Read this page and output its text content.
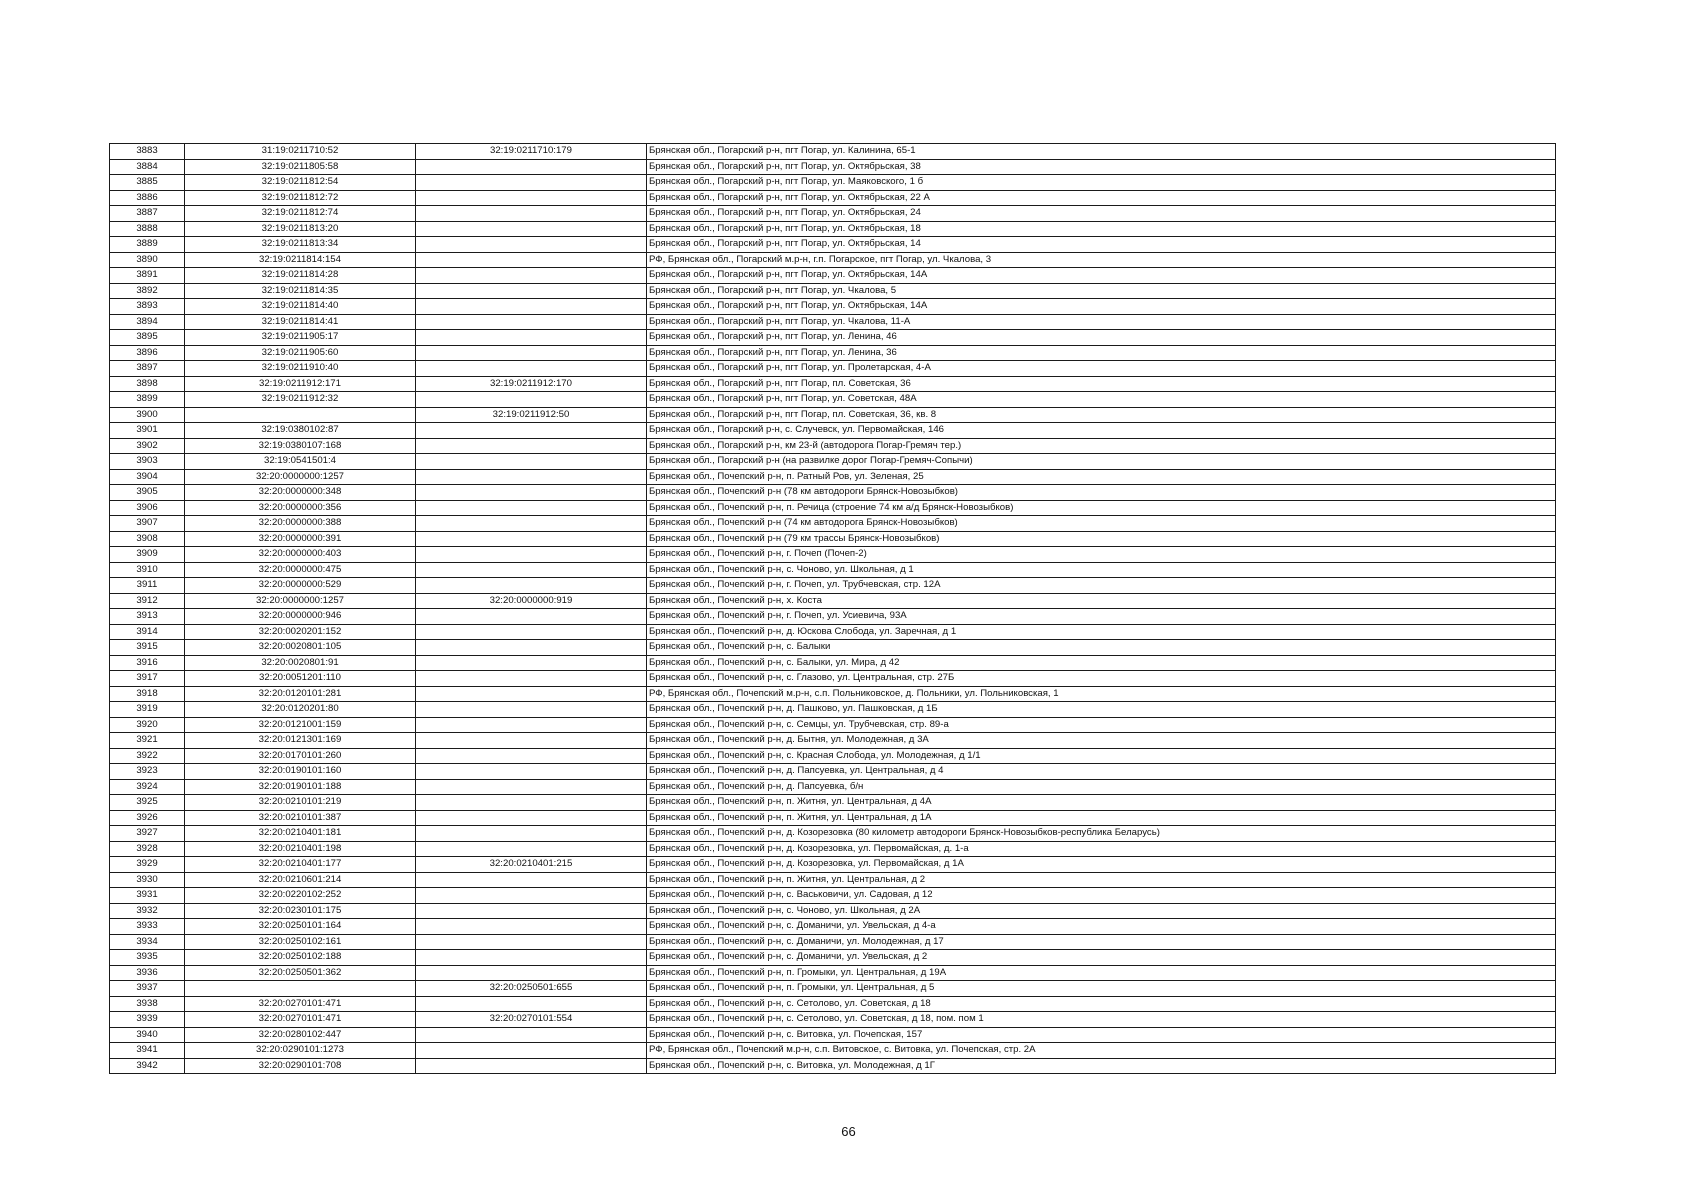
3883	31:19:0211710:52	32:19:0211710:179	Брянская обл., Погарский р-н, пгт Погар, ул. Калинина, 65-1
3884	32:19:0211805:58		Брянская обл., Погарский р-н, пгт Погар, ул. Октябрьская, 38
3885	32:19:0211812:54		Брянская обл., Погарский р-н, пгт Погар, ул. Маяковского, 1 б
3886	32:19:0211812:72		Брянская обл., Погарский р-н, пгт Погар, ул. Октябрьская, 22 А
3887	32:19:0211812:74		Брянская обл., Погарский р-н, пгт Погар, ул. Октябрьская, 24
3888	32:19:0211813:20		Брянская обл., Погарский р-н, пгт Погар, ул. Октябрьская, 18
3889	32:19:0211813:34		Брянская обл., Погарский р-н, пгт Погар, ул. Октябрьская, 14
3890	32:19:0211814:154		РФ, Брянская обл., Погарский м.р-н, г.п. Погарское, пгт Погар, ул. Чкалова, 3
3891	32:19:0211814:28		Брянская обл., Погарский р-н, пгт Погар, ул. Октябрьская, 14А
3892	32:19:0211814:35		Брянская обл., Погарский р-н, пгт Погар, ул. Чкалова, 5
3893	32:19:0211814:40		Брянская обл., Погарский р-н, пгт Погар, ул. Октябрьская, 14А
3894	32:19:0211814:41		Брянская обл., Погарский р-н, пгт Погар, ул. Чкалова, 11-А
3895	32:19:0211905:17		Брянская обл., Погарский р-н, пгт Погар, ул. Ленина, 46
3896	32:19:0211905:60		Брянская обл., Погарский р-н, пгт Погар, ул. Ленина, 36
3897	32:19:0211910:40		Брянская обл., Погарский р-н, пгт Погар, ул. Пролетарская, 4-А
3898	32:19:0211912:171	32:19:0211912:170	Брянская обл., Погарский р-н, пгт Погар, пл. Советская, 36
3899	32:19:0211912:32		Брянская обл., Погарский р-н, пгт Погар, ул. Советская, 48А
3900		32:19:0211912:50	Брянская обл., Погарский р-н, пгт Погар, пл. Советская, 36, кв. 8
3901	32:19:0380102:87		Брянская обл., Погарский р-н, с. Случевск, ул. Первомайская, 146
3902	32:19:0380107:168		Брянская обл., Погарский р-н, км 23-й (автодорога Погар-Гремяч тер.)
3903	32:19:0541501:4		Брянская обл., Погарский р-н (на развилке дорог Погар-Гремяч-Сопычи)
3904	32:20:0000000:1257		Брянская обл., Почепский р-н, п. Ратный Ров, ул. Зеленая, 25
3905	32:20:0000000:348		Брянская обл., Почепский р-н (78 км автодороги Брянск-Новозыбков)
3906	32:20:0000000:356		Брянская обл., Почепский р-н, п. Речица (строение 74 км а/д Брянск-Новозыбков)
3907	32:20:0000000:388		Брянская обл., Почепский р-н (74 км автодорога Брянск-Новозыбков)
3908	32:20:0000000:391		Брянская обл., Почепский р-н (79 км трассы Брянск-Новозыбков)
3909	32:20:0000000:403		Брянская обл., Почепский р-н, г. Почеп (Почеп-2)
3910	32:20:0000000:475		Брянская обл., Почепский р-н, с. Чоново, ул. Школьная, д 1
3911	32:20:0000000:529		Брянская обл., Почепский р-н, г. Почеп, ул. Трубчевская, стр. 12А
3912	32:20:0000000:1257	32:20:0000000:919	Брянская обл., Почепский р-н, х. Коста
3913	32:20:0000000:946		Брянская обл., Почепский р-н, г. Почеп, ул. Усиевича, 93А
3914	32:20:0020201:152		Брянская обл., Почепский р-н, д. Юскова Слобода, ул. Заречная, д 1
3915	32:20:0020801:105		Брянская обл., Почепский р-н, с. Балыки
3916	32:20:0020801:91		Брянская обл., Почепский р-н, с. Балыки, ул. Мира, д 42
3917	32:20:0051201:110		Брянская обл., Почепский р-н, с. Глазово, ул. Центральная, стр. 27Б
3918	32:20:0120101:281		РФ, Брянская обл., Почепский м.р-н, с.п. Польниковское, д. Польники, ул. Польниковская, 1
3919	32:20:0120201:80		Брянская обл., Почепский р-н, д. Пашково, ул. Пашковская, д 1Б
3920	32:20:0121001:159		Брянская обл., Почепский р-н, с. Семцы, ул. Трубчевская, стр. 89-а
3921	32:20:0121301:169		Брянская обл., Почепский р-н, д. Бытня, ул. Молодежная, д 3А
3922	32:20:0170101:260		Брянская обл., Почепский р-н, с. Красная Слобода, ул. Молодежная, д 1/1
3923	32:20:0190101:160		Брянская обл., Почепский р-н, д. Папсуевка, ул. Центральная, д 4
3924	32:20:0190101:188		Брянская обл., Почепский р-н, д. Папсуевка, б/н
3925	32:20:0210101:219		Брянская обл., Почепский р-н, п. Житня, ул. Центральная, д 4А
3926	32:20:0210101:387		Брянская обл., Почепский р-н, п. Житня, ул. Центральная, д 1А
3927	32:20:0210401:181		Брянская обл., Почепский р-н, д. Козорезовка (80 километр автодороги Брянск-Новозыбков-республика Беларусь)
3928	32:20:0210401:198		Брянская обл., Почепский р-н, д. Козорезовка, ул. Первомайская, д. 1-а
3929	32:20:0210401:177	32:20:0210401:215	Брянская обл., Почепский р-н, д. Козорезовка, ул. Первомайская, д 1А
3930	32:20:0210601:214		Брянская обл., Почепский р-н, п. Житня, ул. Центральная, д 2
3931	32:20:0220102:252		Брянская обл., Почепский р-н, с. Васьковичи, ул. Садовая, д 12
3932	32:20:0230101:175		Брянская обл., Почепский р-н, с. Чоново, ул. Школьная, д 2А
3933	32:20:0250101:164		Брянская обл., Почепский р-н, с. Доманичи, ул. Увельская, д 4-а
3934	32:20:0250102:161		Брянская обл., Почепский р-н, с. Доманичи, ул. Молодежная, д 17
3935	32:20:0250102:188		Брянская обл., Почепский р-н, с. Доманичи, ул. Увельская, д 2
3936	32:20:0250501:362		Брянская обл., Почепский р-н, п. Громыки, ул. Центральная, д 19А
3937		32:20:0250501:655	Брянская обл., Почепский р-н, п. Громыки, ул. Центральная, д 5
3938	32:20:0270101:471		Брянская обл., Почепский р-н, с. Сетолово, ул. Советская, д 18
3939	32:20:0270101:471	32:20:0270101:554	Брянская обл., Почепский р-н, с. Сетолово, ул. Советская, д 18, пом. пом 1
3940	32:20:0280102:447		Брянская обл., Почепский р-н, с. Витовка, ул. Почепская, 157
3941	32:20:0290101:1273		РФ, Брянская обл., Почепский м.р-н, с.п. Витовское, с. Витовка, ул. Почепская, стр. 2А
3942	32:20:0290101:708		Брянская обл., Почепский р-н, с. Витовка, ул. Молодежная, д 1Г
66
